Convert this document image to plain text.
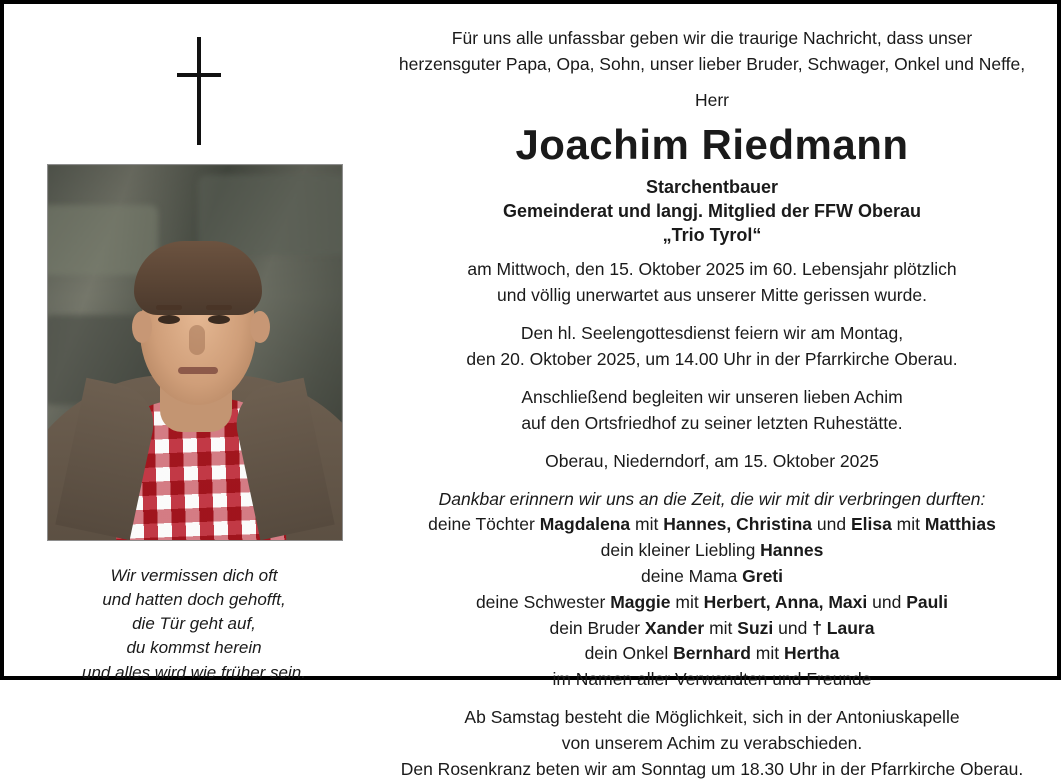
Wir vermissen dich oft
und hatten doch gehofft,
die Tür geht auf,
du kommst herein
und alles wird wie früher sein.
Für uns alle unfassbar geben wir die traurige Nachricht, dass unser
herzensguter Papa, Opa, Sohn, unser lieber Bruder, Schwager, Onkel und Neffe,
Herr
Joachim Riedmann
Starchentbauer
Gemeinderat und langj. Mitglied der FFW Oberau
„Trio Tyrol“
am Mittwoch, den 15. Oktober 2025 im 60. Lebensjahr plötzlich
und völlig unerwartet aus unserer Mitte gerissen wurde.
Den hl. Seelengottesdienst feiern wir am Montag,
den 20. Oktober 2025, um 14.00 Uhr in der Pfarrkirche Oberau.
Anschließend begleiten wir unseren lieben Achim
auf den Ortsfriedhof zu seiner letzten Ruhestätte.
Oberau, Niederndorf, am 15. Oktober 2025
Dankbar erinnern wir uns an die Zeit, die wir mit dir verbringen durften:
deine Töchter Magdalena mit Hannes, Christina und Elisa mit Matthias
dein kleiner Liebling Hannes
deine Mama Greti
deine Schwester Maggie mit Herbert, Anna, Maxi und Pauli
dein Bruder Xander mit Suzi und † Laura
dein Onkel Bernhard mit Hertha
im Namen aller Verwandten und Freunde
Ab Samstag besteht die Möglichkeit, sich in der Antoniuskapelle
von unserem Achim zu verabschieden.
Den Rosenkranz beten wir am Sonntag um 18.30 Uhr in der Pfarrkirche Oberau.
